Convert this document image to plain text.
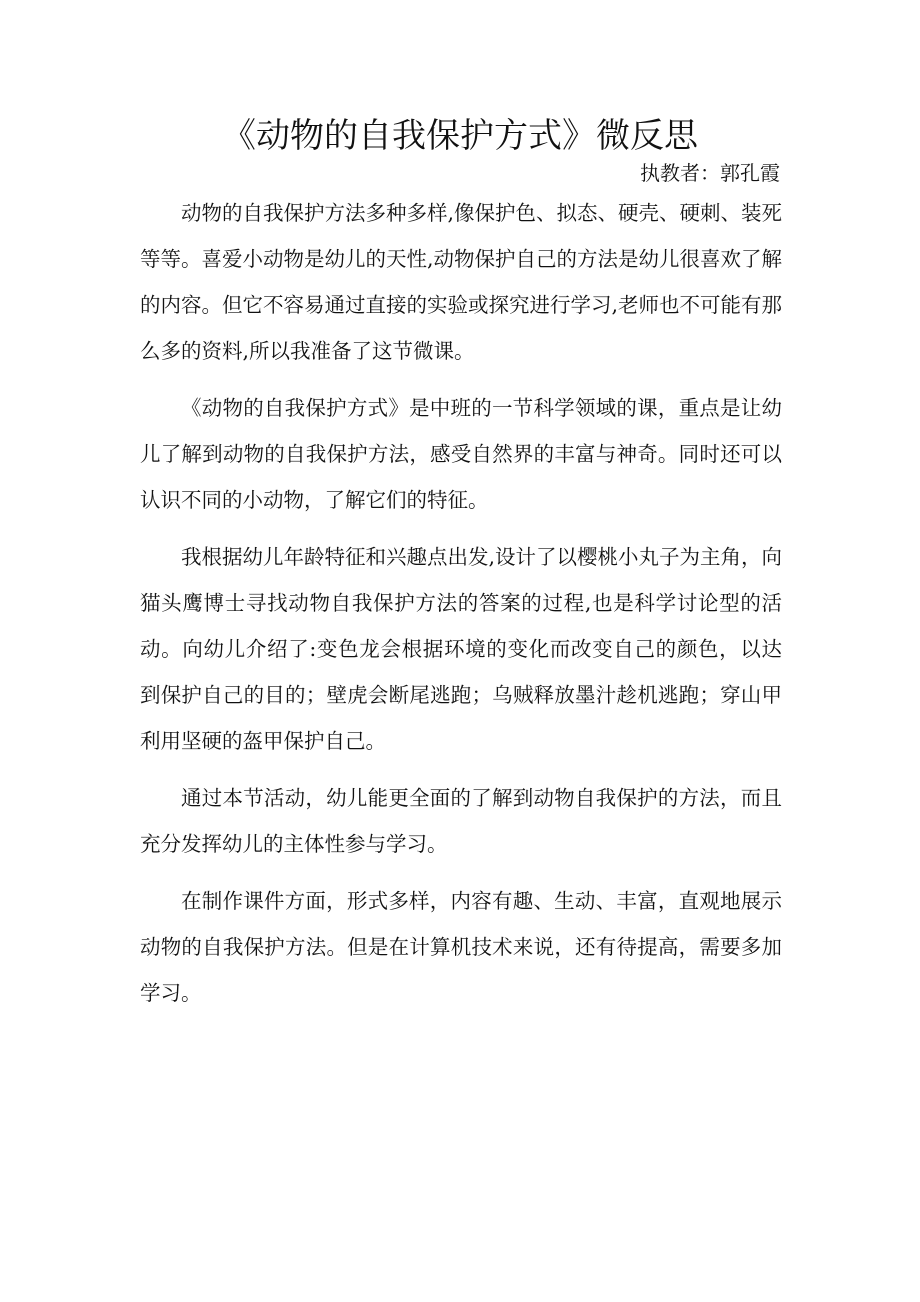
《动物的自我保护方式》微反思

执教者：郭孔霞

动物的自我保护方法多种多样,像保护色、拟态、硬壳、硬刺、装死等等。喜爱小动物是幼儿的天性,动物保护自己的方法是幼儿很喜欢了解的内容。但它不容易通过直接的实验或探究进行学习,老师也不可能有那么多的资料,所以我准备了这节微课。

《动物的自我保护方式》是中班的一节科学领域的课，重点是让幼儿了解到动物的自我保护方法，感受自然界的丰富与神奇。同时还可以认识不同的小动物，了解它们的特征。

我根据幼儿年龄特征和兴趣点出发,设计了以樱桃小丸子为主角，向猫头鹰博士寻找动物自我保护方法的答案的过程,也是科学讨论型的活动。向幼儿介绍了:变色龙会根据环境的变化而改变自己的颜色，以达到保护自己的目的；壁虎会断尾逃跑；乌贼释放墨汁趁机逃跑；穿山甲利用坚硬的盔甲保护自己。

通过本节活动，幼儿能更全面的了解到动物自我保护的方法，而且充分发挥幼儿的主体性参与学习。

在制作课件方面，形式多样，内容有趣、生动、丰富，直观地展示动物的自我保护方法。但是在计算机技术来说，还有待提高，需要多加学习。
